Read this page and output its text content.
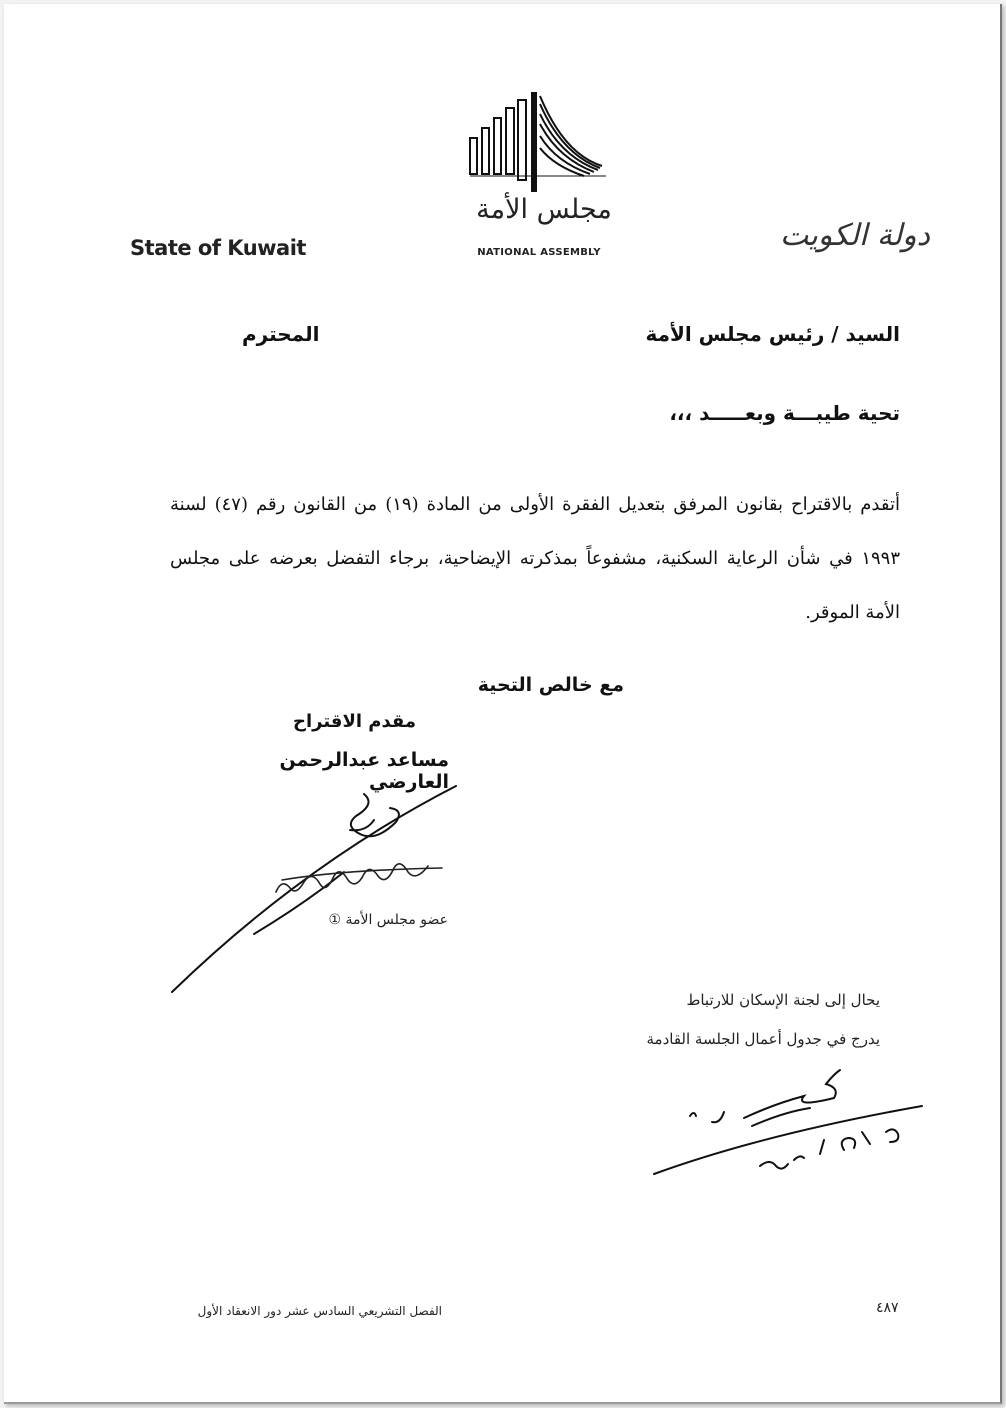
State of Kuwait	دولة الكويت
مجلس الأمة
NATIONAL ASSEMBLY
السيد / رئيس مجلس الأمة
المحترم
تحية طيبـــة وبعـــــد ،،،
أتقدم بالاقتراح بقانون المرفق بتعديل الفقرة الأولى من المادة (١٩) من القانون رقم (٤٧) لسنة ١٩٩٣ في شأن الرعاية السكنية، مشفوعاً بمذكرته الإيضاحية، برجاء التفضل بعرضه على مجلس الأمة الموقر.
مع خالص التحية
مقدم الاقتراح
مساعد عبدالرحمن العارضي
عضو مجلس الأمة ①
يحال إلى لجنة الإسكان للارتباط
يدرج في جدول أعمال الجلسة القادمة
الفصل التشريعي السادس عشر دور الانعقاد الأول	٤٨٧
